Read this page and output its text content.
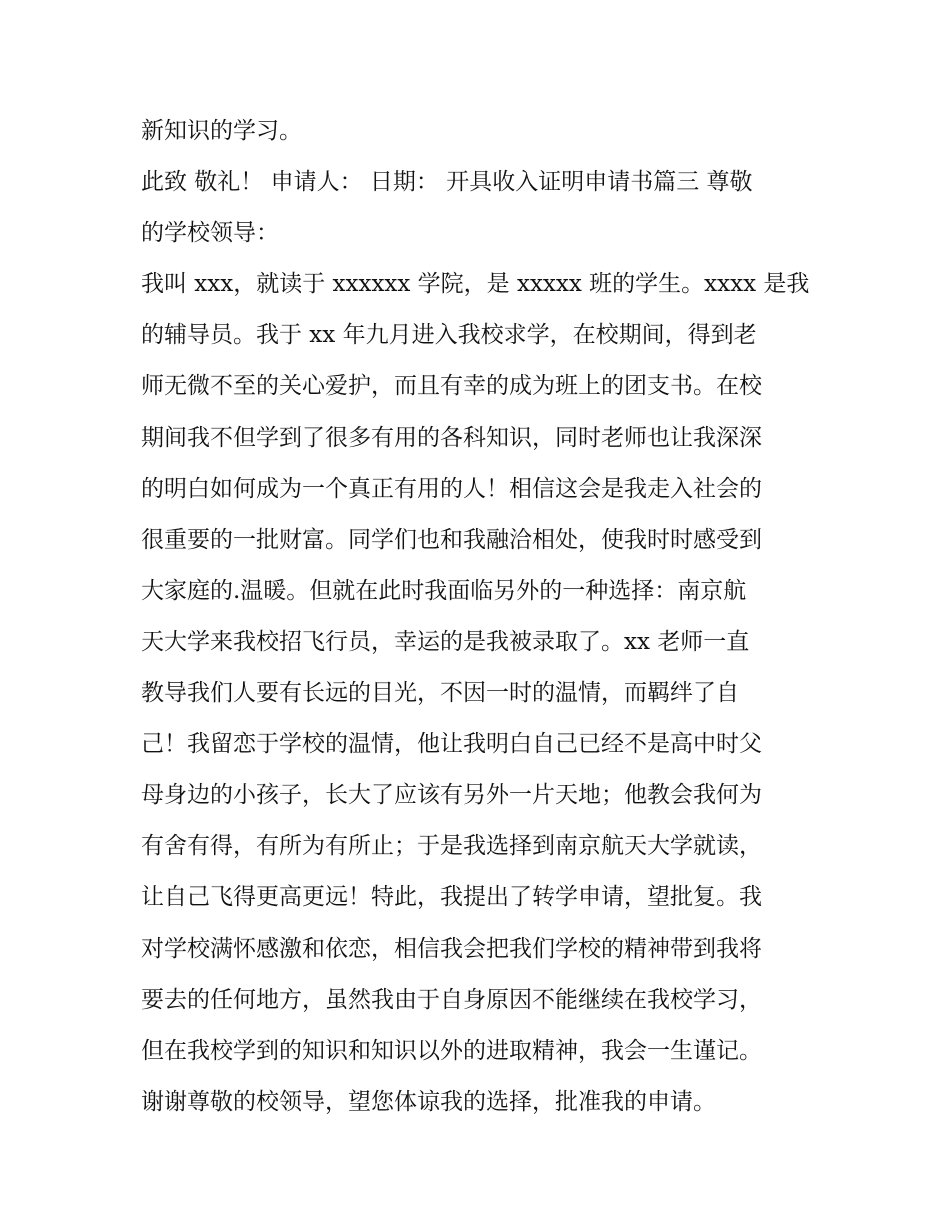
新知识的学习。
此致 敬礼！ 申请人： 日期： 开具收入证明申请书篇三 尊敬
的学校领导：
我叫 xxx，就读于 xxxxxx 学院，是 xxxxx 班的学生。xxxx 是我
的辅导员。我于 xx 年九月进入我校求学，在校期间，得到老
师无微不至的关心爱护，而且有幸的成为班上的团支书。在校
期间我不但学到了很多有用的各科知识，同时老师也让我深深
的明白如何成为一个真正有用的人！相信这会是我走入社会的
很重要的一批财富。同学们也和我融洽相处，使我时时感受到
大家庭的.温暖。但就在此时我面临另外的一种选择：南京航
天大学来我校招飞行员，幸运的是我被录取了。xx 老师一直
教导我们人要有长远的目光，不因一时的温情，而羁绊了自
己！我留恋于学校的温情，他让我明白自己已经不是高中时父
母身边的小孩子，长大了应该有另外一片天地；他教会我何为
有舍有得，有所为有所止；于是我选择到南京航天大学就读，
让自己飞得更高更远！特此，我提出了转学申请，望批复。我
对学校满怀感激和依恋，相信我会把我们学校的精神带到我将
要去的任何地方，虽然我由于自身原因不能继续在我校学习，
但在我校学到的知识和知识以外的进取精神，我会一生谨记。
谢谢尊敬的校领导，望您体谅我的选择，批准我的申请。
